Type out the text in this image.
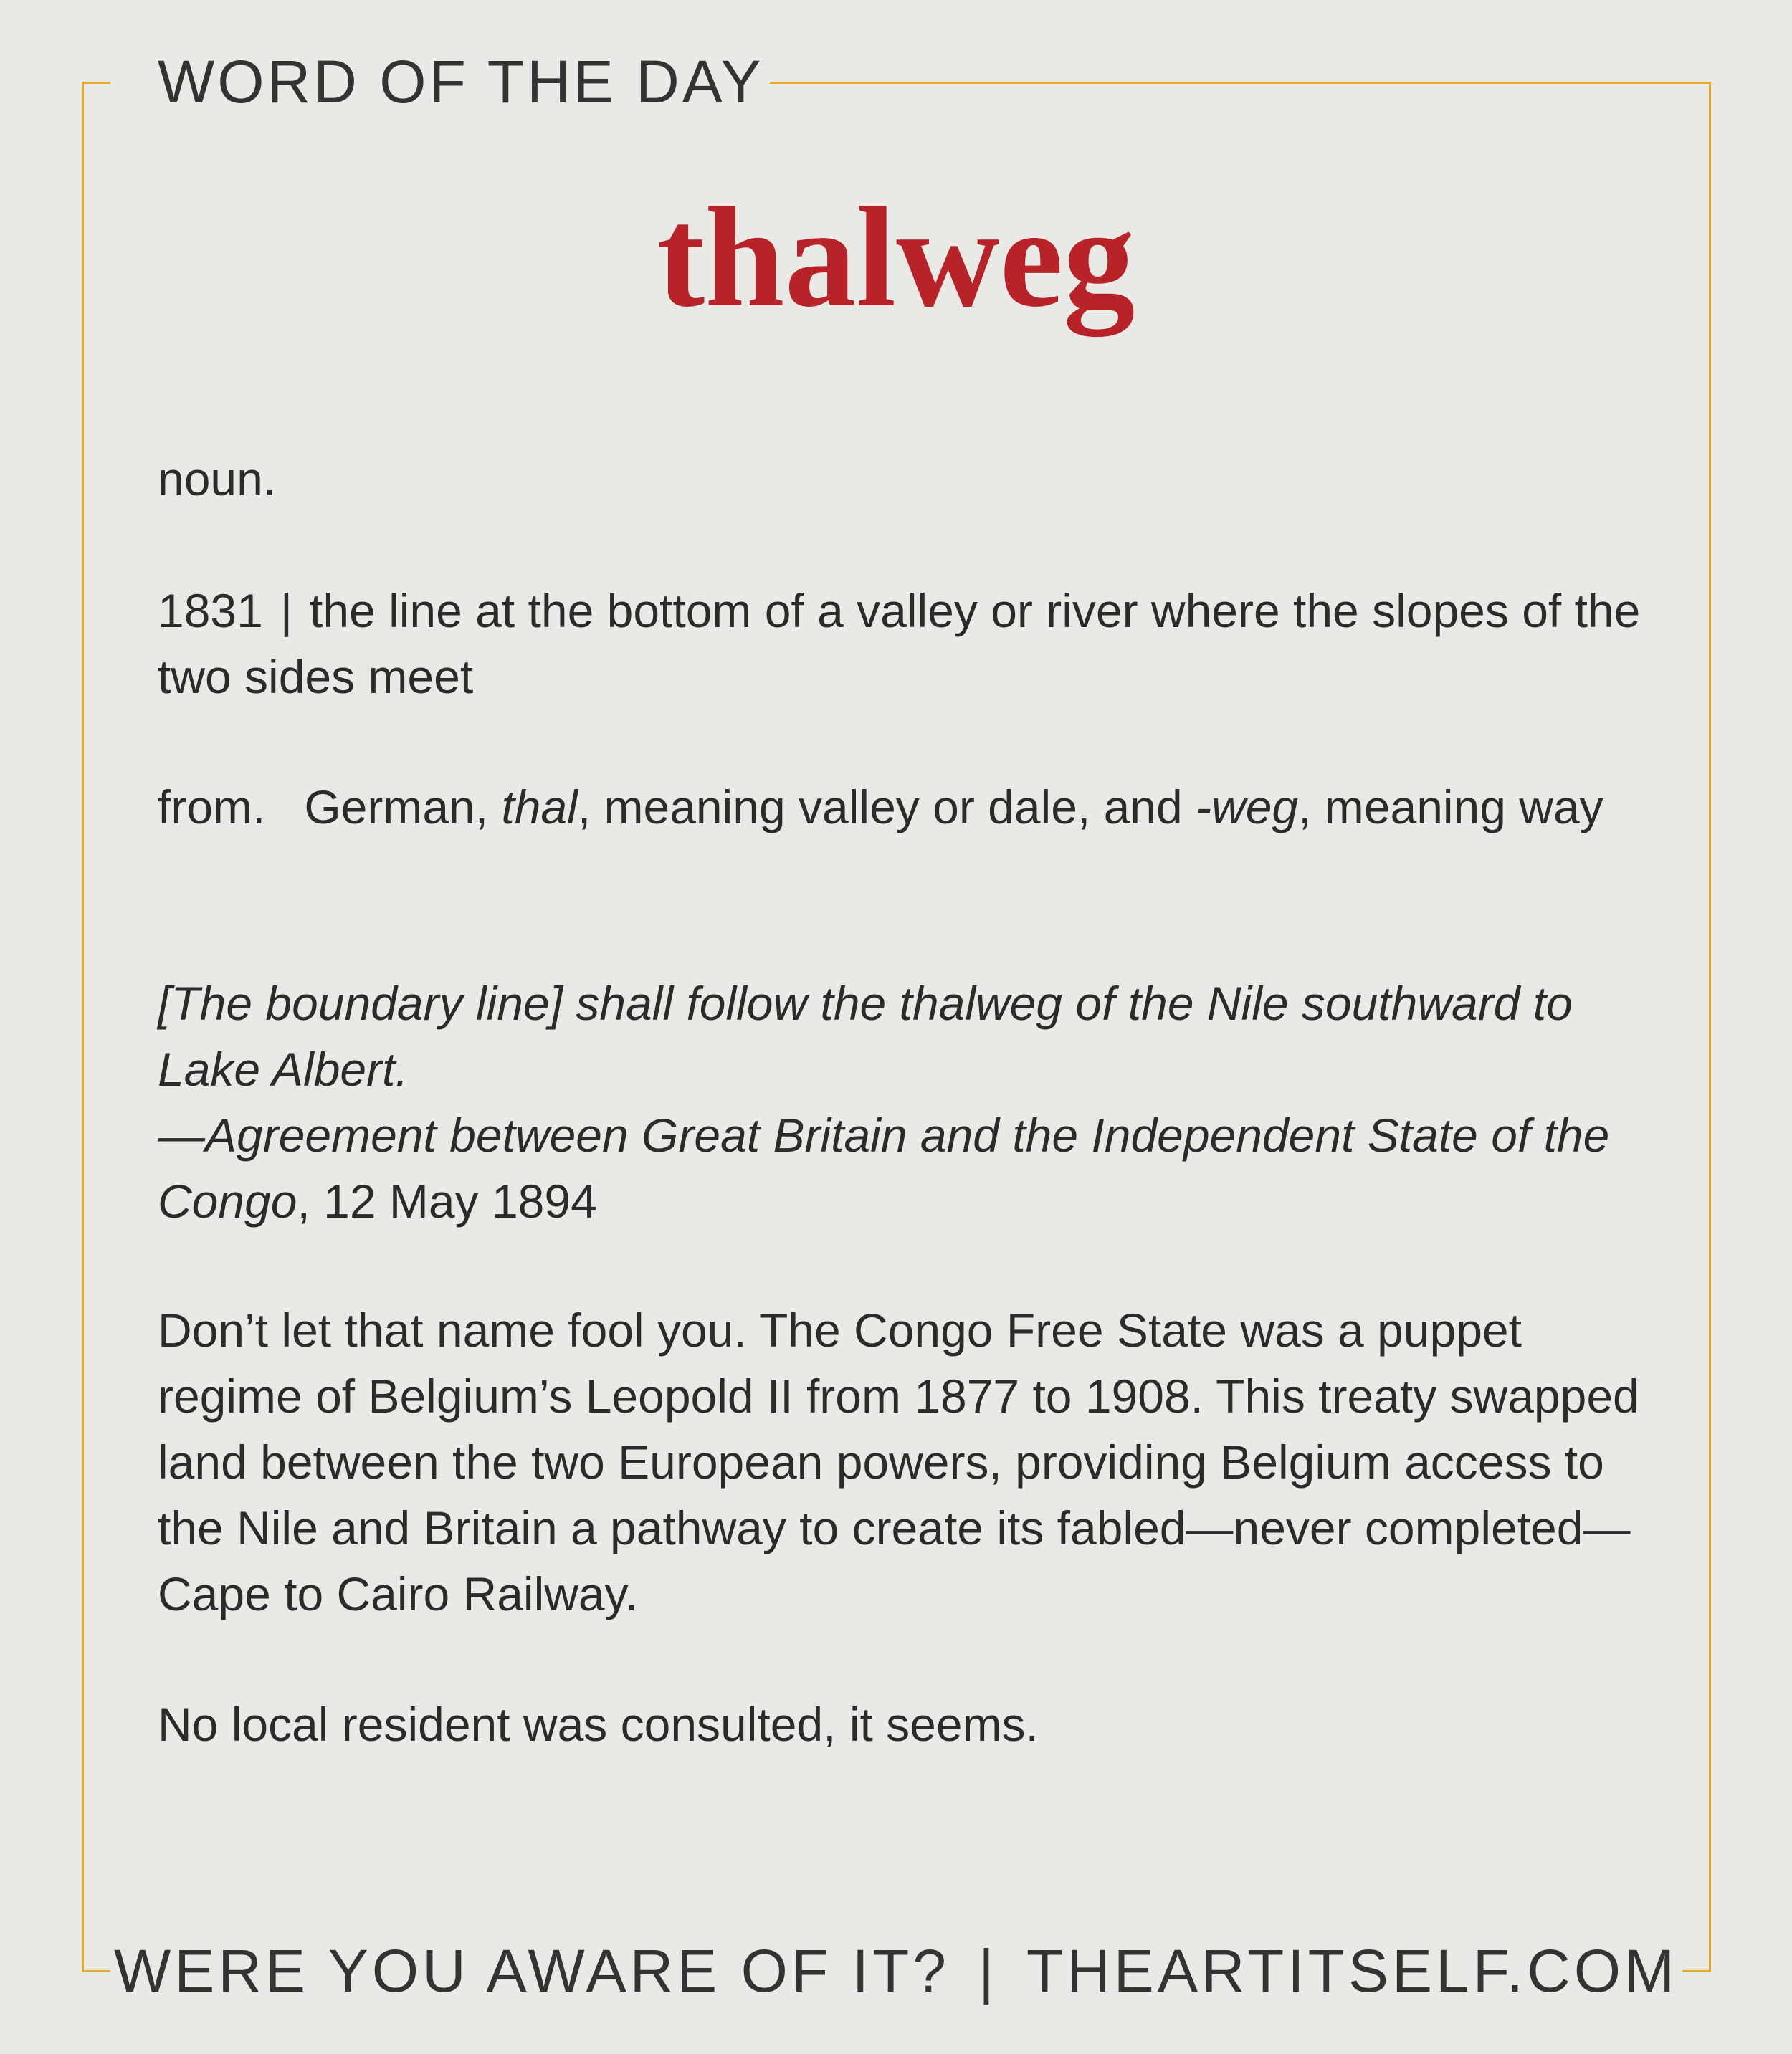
WORD OF THE DAY
thalweg
noun.
1831 | the line at the bottom of a valley or river where the slopes of the two sides meet
from. German, thal, meaning valley or dale, and -weg, meaning way
[The boundary line] shall follow the thalweg of the Nile southward to Lake Albert.
—Agreement between Great Britain and the Independent State of the Congo, 12 May 1894
Don’t let that name fool you. The Congo Free State was a puppet regime of Belgium’s Leopold II from 1877 to 1908. This treaty swapped land between the two European powers, providing Belgium access to the Nile and Britain a pathway to create its fabled—never completed—Cape to Cairo Railway.
No local resident was consulted, it seems.
WERE YOU AWARE OF IT? | THEARTITSELF.COM
